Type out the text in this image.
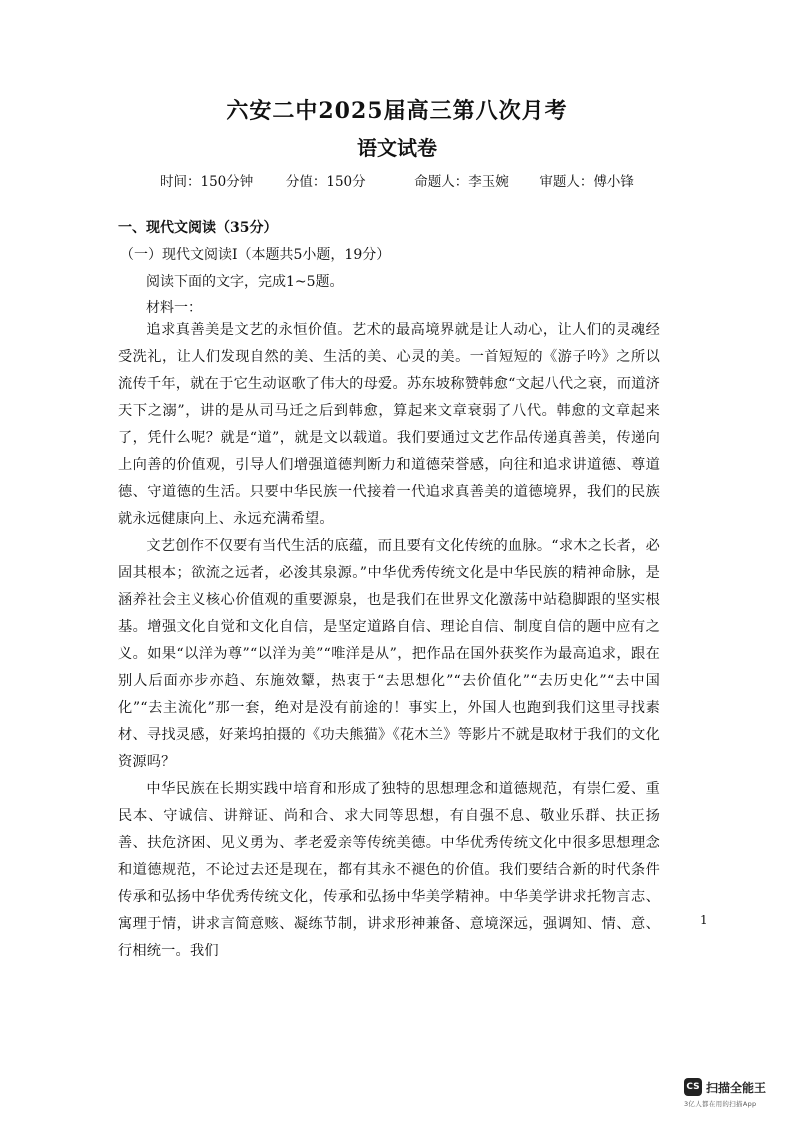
六安二中2025届高三第八次月考
语文试卷
时间：150分钟 分值：150分	命题人：李玉婉 审题人：傅小锋
一、现代文阅读（35分）
（一）现代文阅读Ⅰ（本题共5小题，19分）
阅读下面的文字，完成1~5题。
材料一：

追求真善美是文艺的永恒价值。艺术的最高境界就是让人动心，让人们的灵魂经受洗礼，让人们发现自然的美、生活的美、心灵的美。一首短短的《游子吟》之所以流传千年，就在于它生动讴歌了伟大的母爱。苏东坡称赞韩愈“文起八代之衰，而道济天下之溺”，讲的是从司马迁之后到韩愈，算起来文章衰弱了八代。韩愈的文章起来了，凭什么呢？就是“道”，就是文以载道。我们要通过文艺作品传递真善美，传递向上向善的价值观，引导人们增强道德判断力和道德荣誉感，向往和追求讲道德、尊道德、守道德的生活。只要中华民族一代接着一代追求真善美的道德境界，我们的民族就永远健康向上、永远充满希望。

文艺创作不仅要有当代生活的底蕴，而且要有文化传统的血脉。“求木之长者，必固其根本；欲流之远者，必浚其泉源。”中华优秀传统文化是中华民族的精神命脉，是涵养社会主义核心价值观的重要源泉，也是我们在世界文化激荡中站稳脚跟的坚实根基。增强文化自觉和文化自信，是坚定道路自信、理论自信、制度自信的题中应有之义。如果“以洋为尊”“以洋为美”“唯洋是从”，把作品在国外获奖作为最高追求，跟在别人后面亦步亦趋、东施效颦，热衷于“去思想化”“去价值化”“去历史化”“去中国化”“去主流化”那一套，绝对是没有前途的！事实上，外国人也跑到我们这里寻找素材、寻找灵感，好莱坞拍摄的《功夫熊猫》《花木兰》等影片不就是取材于我们的文化资源吗？

中华民族在长期实践中培育和形成了独特的思想理念和道德规范，有崇仁爱、重民本、守诚信、讲辩证、尚和合、求大同等思想，有自强不息、敬业乐群、扶正扬善、扶危济困、见义勇为、孝老爱亲等传统美德。中华优秀传统文化中很多思想理念和道德规范，不论过去还是现在，都有其永不褪色的价值。我们要结合新的时代条件传承和弘扬中华优秀传统文化，传承和弘扬中华美学精神。中华美学讲求托物言志、寓理于情，讲求言简意赅、凝练节制，讲求形神兼备、意境深远，强调知、情、意、行相统一。我们

1
CS 扫描全能王
3亿人都在用的扫描App
